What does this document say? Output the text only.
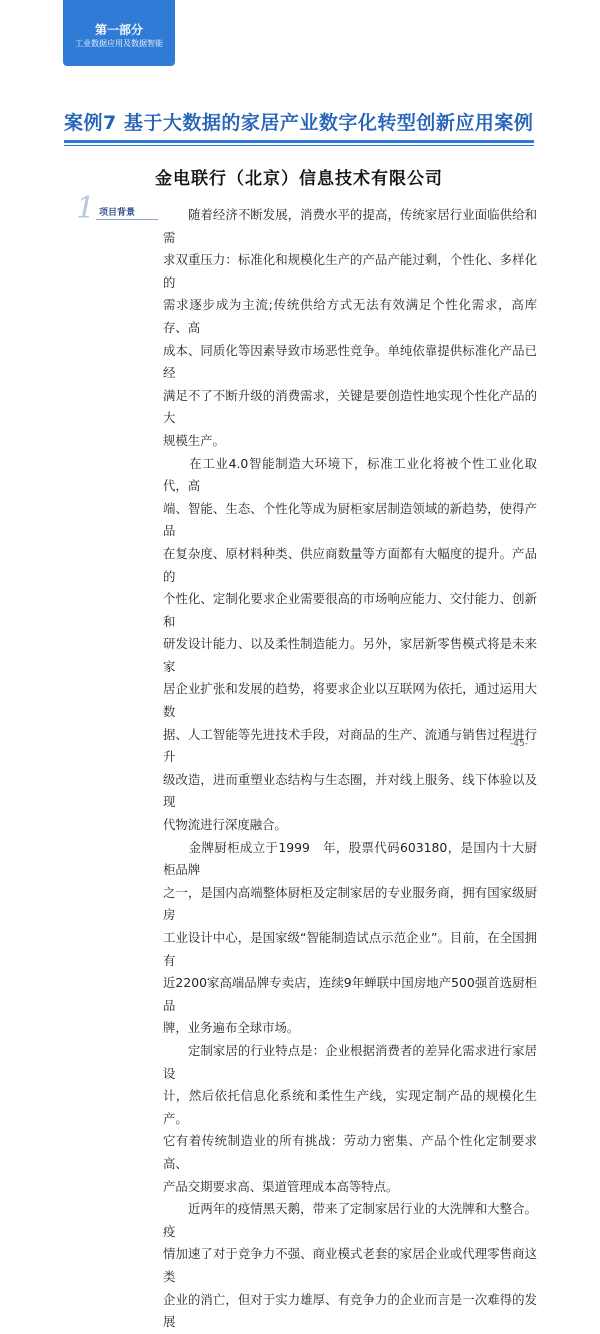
第一部分
工业数据应用及数据智能
案例7 基于大数据的家居产业数字化转型创新应用案例
金电联行（北京）信息技术有限公司
1 项目背景 　　随着经济不断发展，消费水平的提高，传统家居行业面临供给和需

求双重压力：标准化和规模化生产的产品产能过剩，个性化、多样化的

需求逐步成为主流;传统供给方式无法有效满足个性化需求，高库存、高

成本、同质化等因素导致市场恶性竞争。单纯依靠提供标准化产品已经

满足不了不断升级的消费需求，关键是要创造性地实现个性化产品的大

规模生产。

　　在工业4.0智能制造大环境下，标准工业化将被个性工业化取代，高

端、智能、生态、个性化等成为厨柜家居制造领域的新趋势，使得产品

在复杂度、原材料种类、供应商数量等方面都有大幅度的提升。产品的

个性化、定制化要求企业需要很高的市场响应能力、交付能力、创新和

研发设计能力、以及柔性制造能力。另外，家居新零售模式将是未来家

居企业扩张和发展的趋势，将要求企业以互联网为依托，通过运用大数

据、人工智能等先进技术手段，对商品的生产、流通与销售过程进行升

级改造，进而重塑业态结构与生态圈，并对线上服务、线下体验以及现

代物流进行深度融合。

　　金牌厨柜成立于1999　年，股票代码603180，是国内十大厨柜品牌

之一，是国内高端整体厨柜及定制家居的专业服务商，拥有国家级厨房

工业设计中心，是国家级“智能制造试点示范企业”。目前，在全国拥有

近2200家高端品牌专卖店，连续9年蝉联中国房地产500强首选厨柜品

牌，业务遍布全球市场。

　　定制家居的行业特点是：企业根据消费者的差异化需求进行家居设

计，然后依托信息化系统和柔性生产线，实现定制产品的规模化生产。

它有着传统制造业的所有挑战：劳动力密集、产品个性化定制要求高、

产品交期要求高、渠道管理成本高等特点。

　　近两年的疫情黑天鹅，带来了定制家居行业的大洗牌和大整合。疫

情加速了对于竞争力不强、商业模式老套的家居企业或代理零售商这类

企业的消亡，但对于实力雄厚、有竞争力的企业而言是一次难得的发展

-45-
